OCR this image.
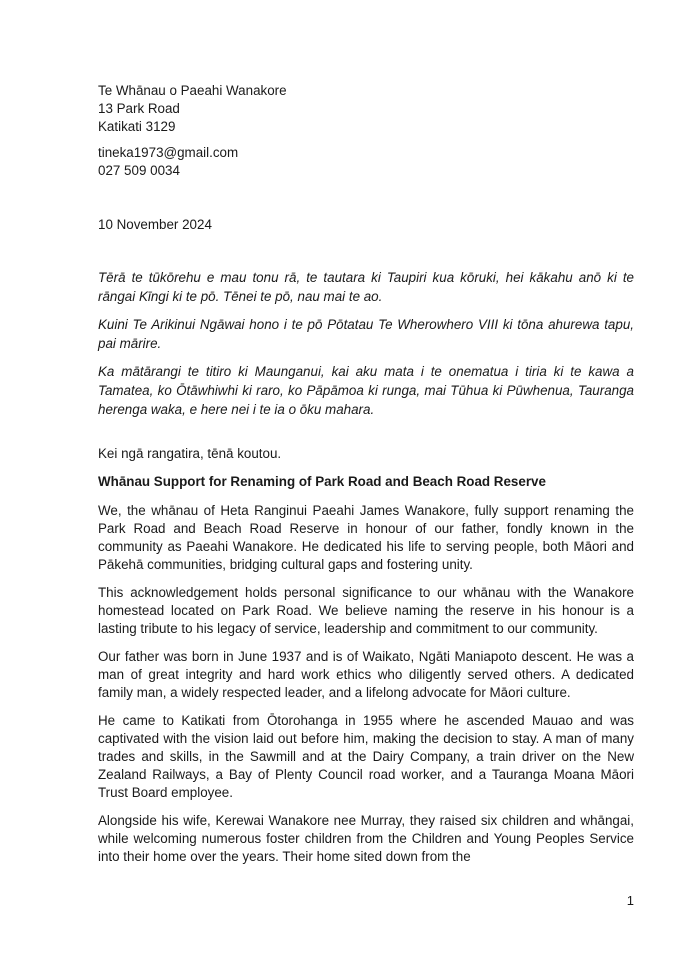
Te Whānau o Paeahi Wanakore

13 Park Road

Katikati 3129

tineka1973@gmail.com

027 509 0034

10 November 2024

Tērā te tūkōrehu e mau tonu rā, te tautara ki Taupiri kua kōruki, hei kākahu anō ki te rāngai Kīngi ki te pō. Tēnei te pō, nau mai te ao.

Kuini Te Arikinui Ngāwai hono i te pō Pōtatau Te Wherowhero VIII ki tōna ahurewa tapu, pai mārire.

Ka mātārangi te titiro ki Maunganui, kai aku mata i te onematua i tiria ki te kawa a Tamatea, ko Ōtāwhiwhi ki raro, ko Pāpāmoa ki runga, mai Tūhua ki Pūwhenua, Tauranga herenga waka, e here nei i te ia o ōku mahara.

Kei ngā rangatira, tēnā koutou.

Whānau Support for Renaming of Park Road and Beach Road Reserve

We, the whānau of Heta Ranginui Paeahi James Wanakore, fully support renaming the Park Road and Beach Road Reserve in honour of our father, fondly known in the community as Paeahi Wanakore. He dedicated his life to serving people, both Māori and Pākehā communities, bridging cultural gaps and fostering unity.

This acknowledgement holds personal significance to our whānau with the Wanakore homestead located on Park Road. We believe naming the reserve in his honour is a lasting tribute to his legacy of service, leadership and commitment to our community.

Our father was born in June 1937 and is of Waikato, Ngāti Maniapoto descent. He was a man of great integrity and hard work ethics who diligently served others. A dedicated family man, a widely respected leader, and a lifelong advocate for Māori culture.

He came to Katikati from Ōtorohanga in 1955 where he ascended Mauao and was captivated with the vision laid out before him, making the decision to stay. A man of many trades and skills, in the Sawmill and at the Dairy Company, a train driver on the New Zealand Railways, a Bay of Plenty Council road worker, and a Tauranga Moana Māori Trust Board employee.

Alongside his wife, Kerewai Wanakore nee Murray, they raised six children and whāngai, while welcoming numerous foster children from the Children and Young Peoples Service into their home over the years. Their home sited down from the

1
